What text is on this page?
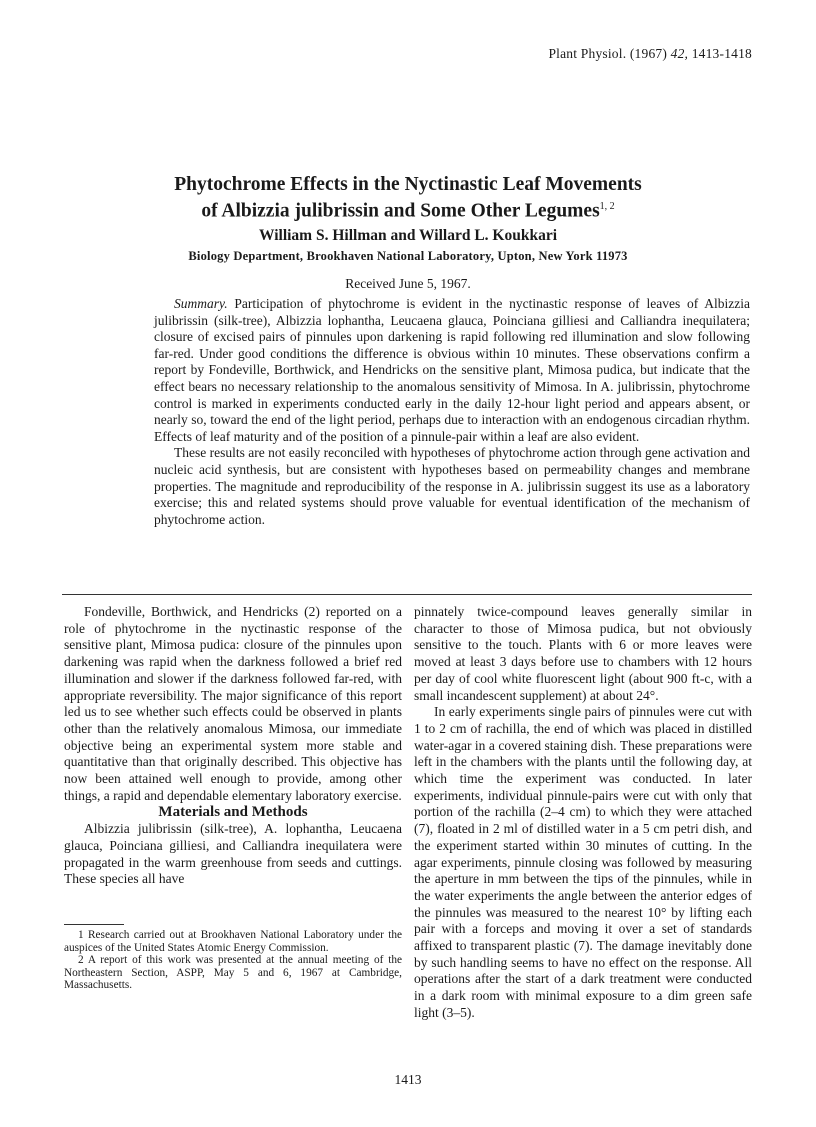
Plant Physiol. (1967) 42, 1413-1418
Phytochrome Effects in the Nyctinastic Leaf Movements
of Albizzia julibrissin and Some Other Legumes$^{1, 2}$

William S. Hillman and Willard L. Koukkari

Biology Department, Brookhaven National Laboratory, Upton, New York 11973

Received June 5, 1967.

Summary. Participation of phytochrome is evident in the nyctinastic response of leaves of Albizzia julibrissin (silk-tree), Albizzia lophantha, Leucaena glauca, Poinciana gilliesi and Calliandra inequilatera; closure of excised pairs of pinnules upon darkening is rapid following red illumination and slow following far-red. Under good conditions the difference is obvious within 10 minutes. These observations confirm a report by Fondeville, Borthwick, and Hendricks on the sensitive plant, Mimosa pudica, but indicate that the effect bears no necessary relationship to the anomalous sensitivity of Mimosa. In A. julibrissin, phytochrome control is marked in experiments conducted early in the daily 12-hour light period and appears absent, or nearly so, toward the end of the light period, perhaps due to interaction with an endogenous circadian rhythm. Effects of leaf maturity and of the position of a pinnule-pair within a leaf are also evident.

These results are not easily reconciled with hypotheses of phytochrome action through gene activation and nucleic acid synthesis, but are consistent with hypotheses based on permeability changes and membrane properties. The magnitude and reproducibility of the response in A. julibrissin suggest its use as a laboratory exercise; this and related systems should prove valuable for eventual identification of the mechanism of phytochrome action.

Fondeville, Borthwick, and Hendricks (2) reported on a role of phytochrome in the nyctinastic response of the sensitive plant, Mimosa pudica: closure of the pinnules upon darkening was rapid when the darkness followed a brief red illumination and slower if the darkness followed far-red, with appropriate reversibility. The major significance of this report led us to see whether such effects could be observed in plants other than the relatively anomalous Mimosa, our immediate objective being an experimental system more stable and quantitative than that originally described. This objective has now been attained well enough to provide, among other things, a rapid and dependable elementary laboratory exercise.

Materials and Methods

Albizzia julibrissin (silk-tree), A. lophantha, Leucaena glauca, Poinciana gilliesi, and Calliandra inequilatera were propagated in the warm greenhouse from seeds and cuttings. These species all have

1 Research carried out at Brookhaven National Laboratory under the auspices of the United States Atomic Energy Commission.

2 A report of this work was presented at the annual meeting of the Northeastern Section, ASPP, May 5 and 6, 1967 at Cambridge, Massachusetts.

pinnately twice-compound leaves generally similar in character to those of Mimosa pudica, but not obviously sensitive to the touch. Plants with 6 or more leaves were moved at least 3 days before use to chambers with 12 hours per day of cool white fluorescent light (about 900 ft-c, with a small incandescent supplement) at about 24°.

In early experiments single pairs of pinnules were cut with 1 to 2 cm of rachilla, the end of which was placed in distilled water-agar in a covered staining dish. These preparations were left in the chambers with the plants until the following day, at which time the experiment was conducted. In later experiments, individual pinnule-pairs were cut with only that portion of the rachilla (2–4 cm) to which they were attached (7), floated in 2 ml of distilled water in a 5 cm petri dish, and the experiment started within 30 minutes of cutting. In the agar experiments, pinnule closing was followed by measuring the aperture in mm between the tips of the pinnules, while in the water experiments the angle between the anterior edges of the pinnules was measured to the nearest 10° by lifting each pair with a forceps and moving it over a set of standards affixed to transparent plastic (7). The damage inevitably done by such handling seems to have no effect on the response. All operations after the start of a dark treatment were conducted in a dark room with minimal exposure to a dim green safe light (3–5).

1413
